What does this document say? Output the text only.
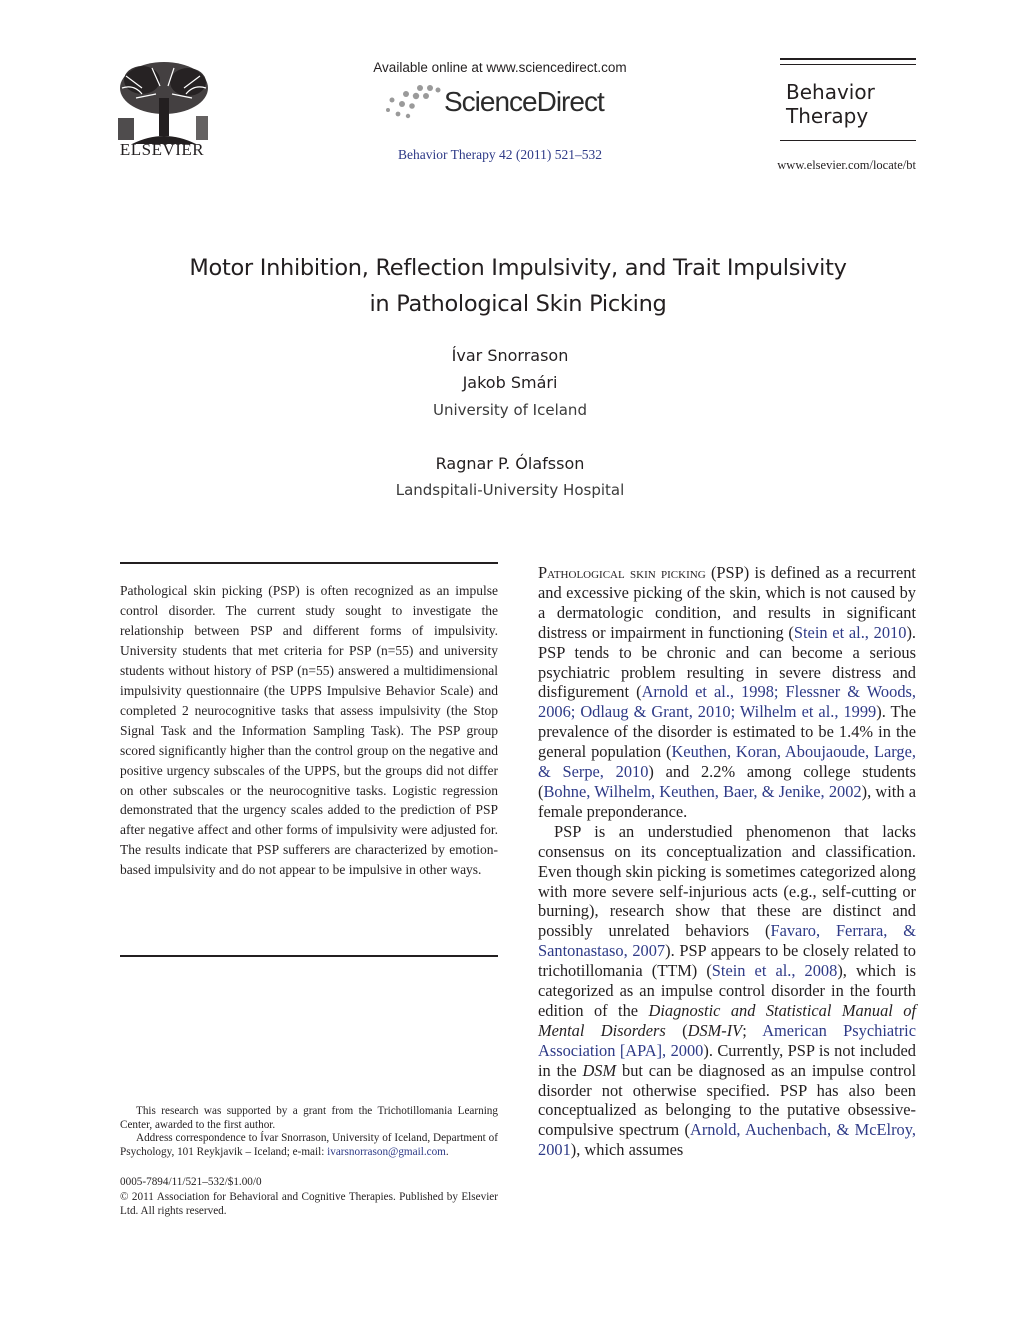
ELSEVIER
Available online at www.sciencedirect.com
ScienceDirect
Behavior Therapy 42 (2011) 521–532
Behavior
Therapy
www.elsevier.com/locate/bt
Motor Inhibition, Reflection Impulsivity, and Trait Impulsivity
in Pathological Skin Picking
Ívar Snorrason
Jakob Smári
University of Iceland
Ragnar P. Ólafsson
Landspitali-University Hospital
Pathological skin picking (PSP) is often recognized as an impulse control disorder. The current study sought to investigate the relationship between PSP and different forms of impulsivity. University students that met criteria for PSP (n=55) and university students without history of PSP (n=55) answered a multidimensional impulsivity questionnaire (the UPPS Impulsive Behavior Scale) and completed 2 neurocognitive tasks that assess impulsivity (the Stop Signal Task and the Information Sampling Task). The PSP group scored significantly higher than the control group on the negative and positive urgency subscales of the UPPS, but the groups did not differ on other subscales or the neurocognitive tasks. Logistic regression demonstrated that the urgency scales added to the prediction of PSP after negative affect and other forms of impulsivity were adjusted for. The results indicate that PSP sufferers are characterized by emotion-based impulsivity and do not appear to be impulsive in other ways.
This research was supported by a grant from the Trichotillomania Learning Center, awarded to the first author.
Address correspondence to Ívar Snorrason, University of Iceland, Department of Psychology, 101 Reykjavik – Iceland; e-mail: ivarsnorrason@gmail.com.
0005-7894/11/521–532/$1.00/0
© 2011 Association for Behavioral and Cognitive Therapies. Published by Elsevier Ltd. All rights reserved.

Pathological skin picking (PSP) is defined as a recurrent and excessive picking of the skin, which is not caused by a dermatologic condition, and results in significant distress or impairment in functioning (Stein et al., 2010). PSP tends to be chronic and can become a serious psychiatric problem resulting in severe distress and disfigurement (Arnold et al., 1998; Flessner & Woods, 2006; Odlaug & Grant, 2010; Wilhelm et al., 1999). The prevalence of the disorder is estimated to be 1.4% in the general population (Keuthen, Koran, Aboujaoude, Large, & Serpe, 2010) and 2.2% among college students (Bohne, Wilhelm, Keuthen, Baer, & Jenike, 2002), with a female preponderance.

PSP is an understudied phenomenon that lacks consensus on its conceptualization and classification. Even though skin picking is sometimes categorized along with more severe self-injurious acts (e.g., self-cutting or burning), research show that these are distinct and possibly unrelated behaviors (Favaro, Ferrara, & Santonastaso, 2007). PSP appears to be closely related to trichotillomania (TTM) (Stein et al., 2008), which is categorized as an impulse control disorder in the fourth edition of the Diagnostic and Statistical Manual of Mental Disorders (DSM-IV; American Psychiatric Association [APA], 2000). Currently, PSP is not included in the DSM but can be diagnosed as an impulse control disorder not otherwise specified. PSP has also been conceptualized as belonging to the putative obsessive-compulsive spectrum (Arnold, Auchenbach, & McElroy, 2001), which assumes
